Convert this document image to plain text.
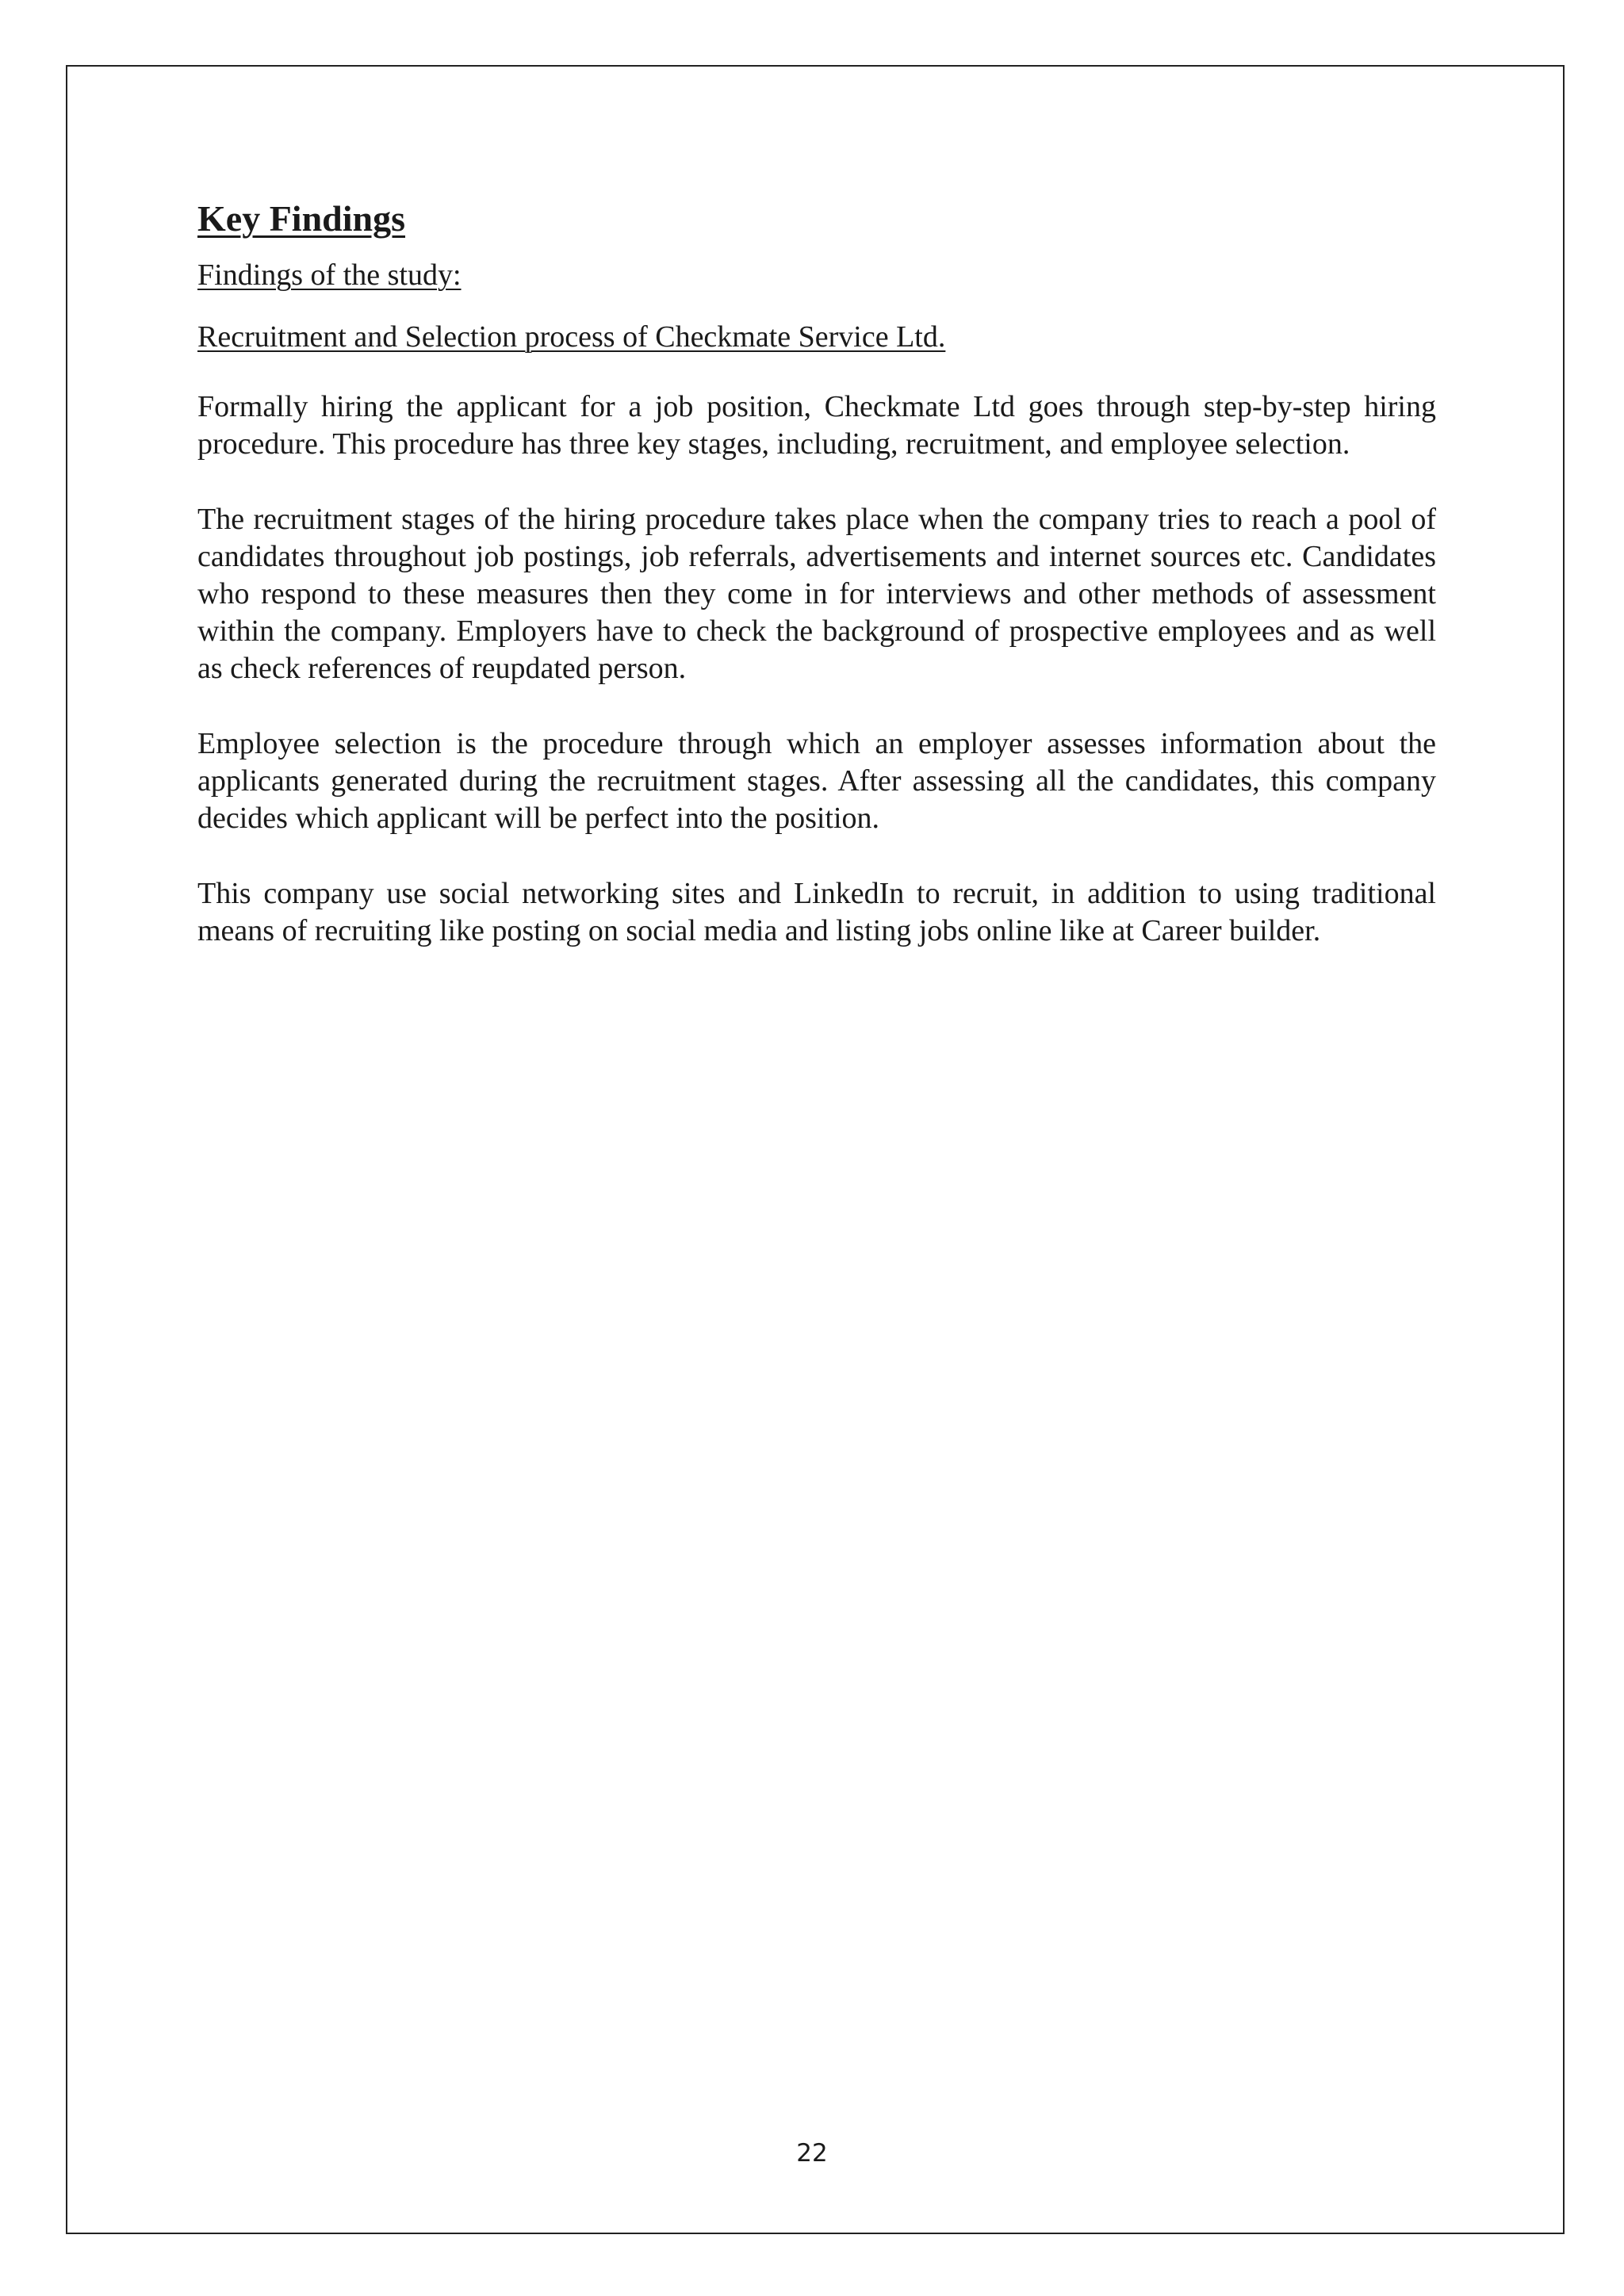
Key Findings

Findings of the study:

Recruitment and Selection process of Checkmate Service Ltd.

Formally hiring the applicant for a job position, Checkmate Ltd goes through step-by-step hiring procedure. This procedure has three key stages, including, recruitment, and employee selection.

The recruitment stages of the hiring procedure takes place when the company tries to reach a pool of candidates throughout job postings, job referrals, advertisements and internet sources etc. Candidates who respond to these measures then they come in for interviews and other methods of assessment within the company. Employers have to check the background of prospective employees and as well as check references of reupdated person.

Employee selection is the procedure through which an employer assesses information about the applicants generated during the recruitment stages. After assessing all the candidates, this company decides which applicant will be perfect into the position.

This company use social networking sites and LinkedIn to recruit, in addition to using traditional means of recruiting like posting on social media and listing jobs online like at Career builder.

22
